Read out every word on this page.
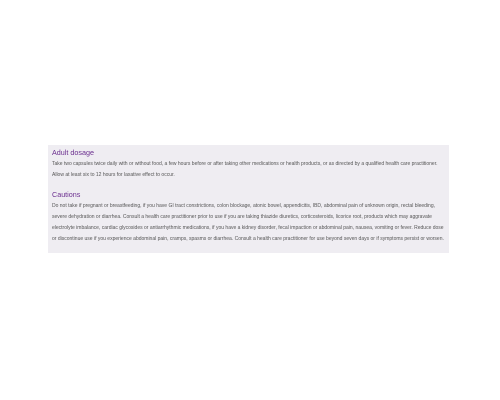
Adult dosage

Take two capsules twice daily with or without food, a few hours before or after taking other medications or health products, or as directed by a qualified health care practitioner. Allow at least six to 12 hours for laxative effect to occur.

Cautions

Do not take if pregnant or breastfeeding, if you have GI tract constrictions, colon blockage, atonic bowel, appendicitis, IBD, abdominal pain of unknown origin, rectal bleeding, severe dehydration or diarrhea. Consult a health care practitioner prior to use if you are taking thiazide diuretics, corticosteroids, licorice root, products which may aggravate electrolyte imbalance, cardiac glycosides or antiarrhythmic medications, if you have a kidney disorder, fecal impaction or abdominal pain, nausea, vomiting or fever. Reduce dose or discontinue use if you experience abdominal pain, cramps, spasms or diarrhea. Consult a health care practitioner for use beyond seven days or if symptoms persist or worsen.
